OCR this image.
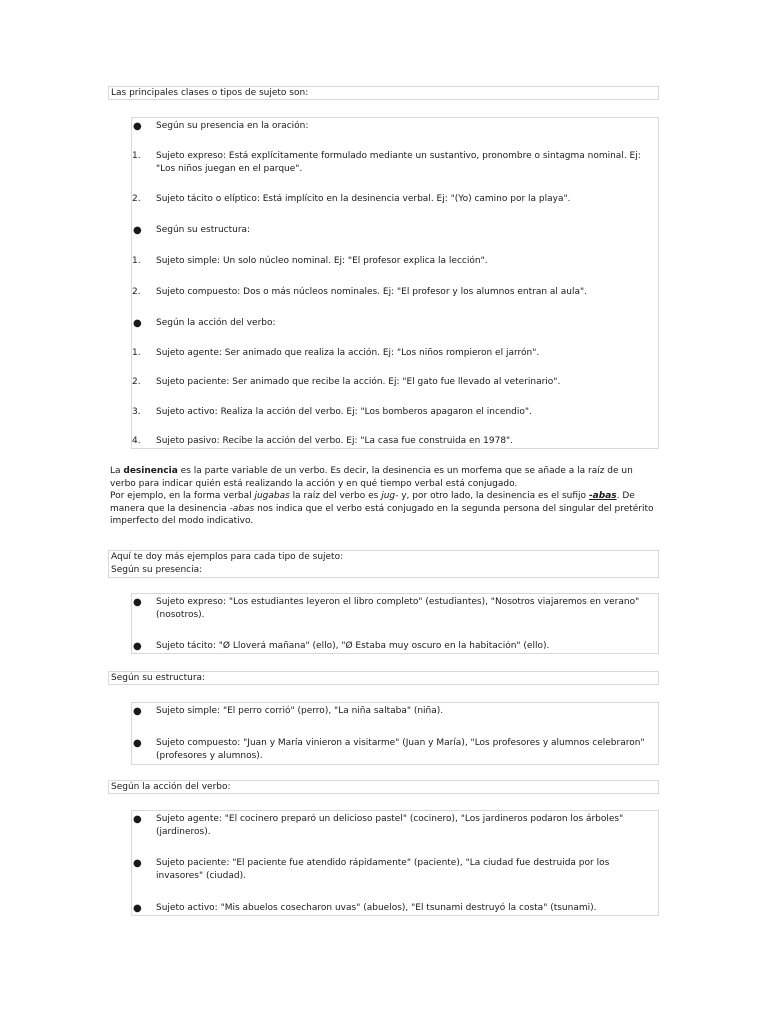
Las principales clases o tipos de sujeto son:
●	Según su presencia en la oración:
1.	Sujeto expreso: Está explícitamente formulado mediante un sustantivo, pronombre o sintagma nominal. Ej: "Los niños juegan en el parque".
2.	Sujeto tácito o elíptico: Está implícito en la desinencia verbal. Ej: "(Yo) camino por la playa".
●	Según su estructura:
1.	Sujeto simple: Un solo núcleo nominal. Ej: "El profesor explica la lección".
2.	Sujeto compuesto: Dos o más núcleos nominales. Ej: "El profesor y los alumnos entran al aula".
●	Según la acción del verbo:
1.	Sujeto agente: Ser animado que realiza la acción. Ej: "Los niños rompieron el jarrón".
2.	Sujeto paciente: Ser animado que recibe la acción. Ej: "El gato fue llevado al veterinario".
3.	Sujeto activo: Realiza la acción del verbo. Ej: "Los bomberos apagaron el incendio".
4.	Sujeto pasivo: Recibe la acción del verbo. Ej: "La casa fue construida en 1978".
La desinencia es la parte variable de un verbo. Es decir, la desinencia es un morfema que se añade a la raíz de un verbo para indicar quién está realizando la acción y en qué tiempo verbal está conjugado.
Por ejemplo, en la forma verbal jugabas la raíz del verbo es jug- y, por otro lado, la desinencia es el sufijo -abas. De manera que la desinencia -abas nos indica que el verbo está conjugado en la segunda persona del singular del pretérito imperfecto del modo indicativo.
Aquí te doy más ejemplos para cada tipo de sujeto:
Según su presencia:
●	Sujeto expreso: "Los estudiantes leyeron el libro completo" (estudiantes), "Nosotros viajaremos en verano" (nosotros).
●	Sujeto tácito: "Ø Lloverá mañana" (ello), "Ø Estaba muy oscuro en la habitación" (ello).
Según su estructura:
●	Sujeto simple: "El perro corrió" (perro), "La niña saltaba" (niña).
●	Sujeto compuesto: "Juan y María vinieron a visitarme" (Juan y María), "Los profesores y alumnos celebraron" (profesores y alumnos).
Según la acción del verbo:
●	Sujeto agente: "El cocinero preparó un delicioso pastel" (cocinero), "Los jardineros podaron los árboles" (jardineros).
●	Sujeto paciente: "El paciente fue atendido rápidamente" (paciente), "La ciudad fue destruida por los invasores" (ciudad).
●	Sujeto activo: "Mis abuelos cosecharon uvas" (abuelos), "El tsunami destruyó la costa" (tsunami).
